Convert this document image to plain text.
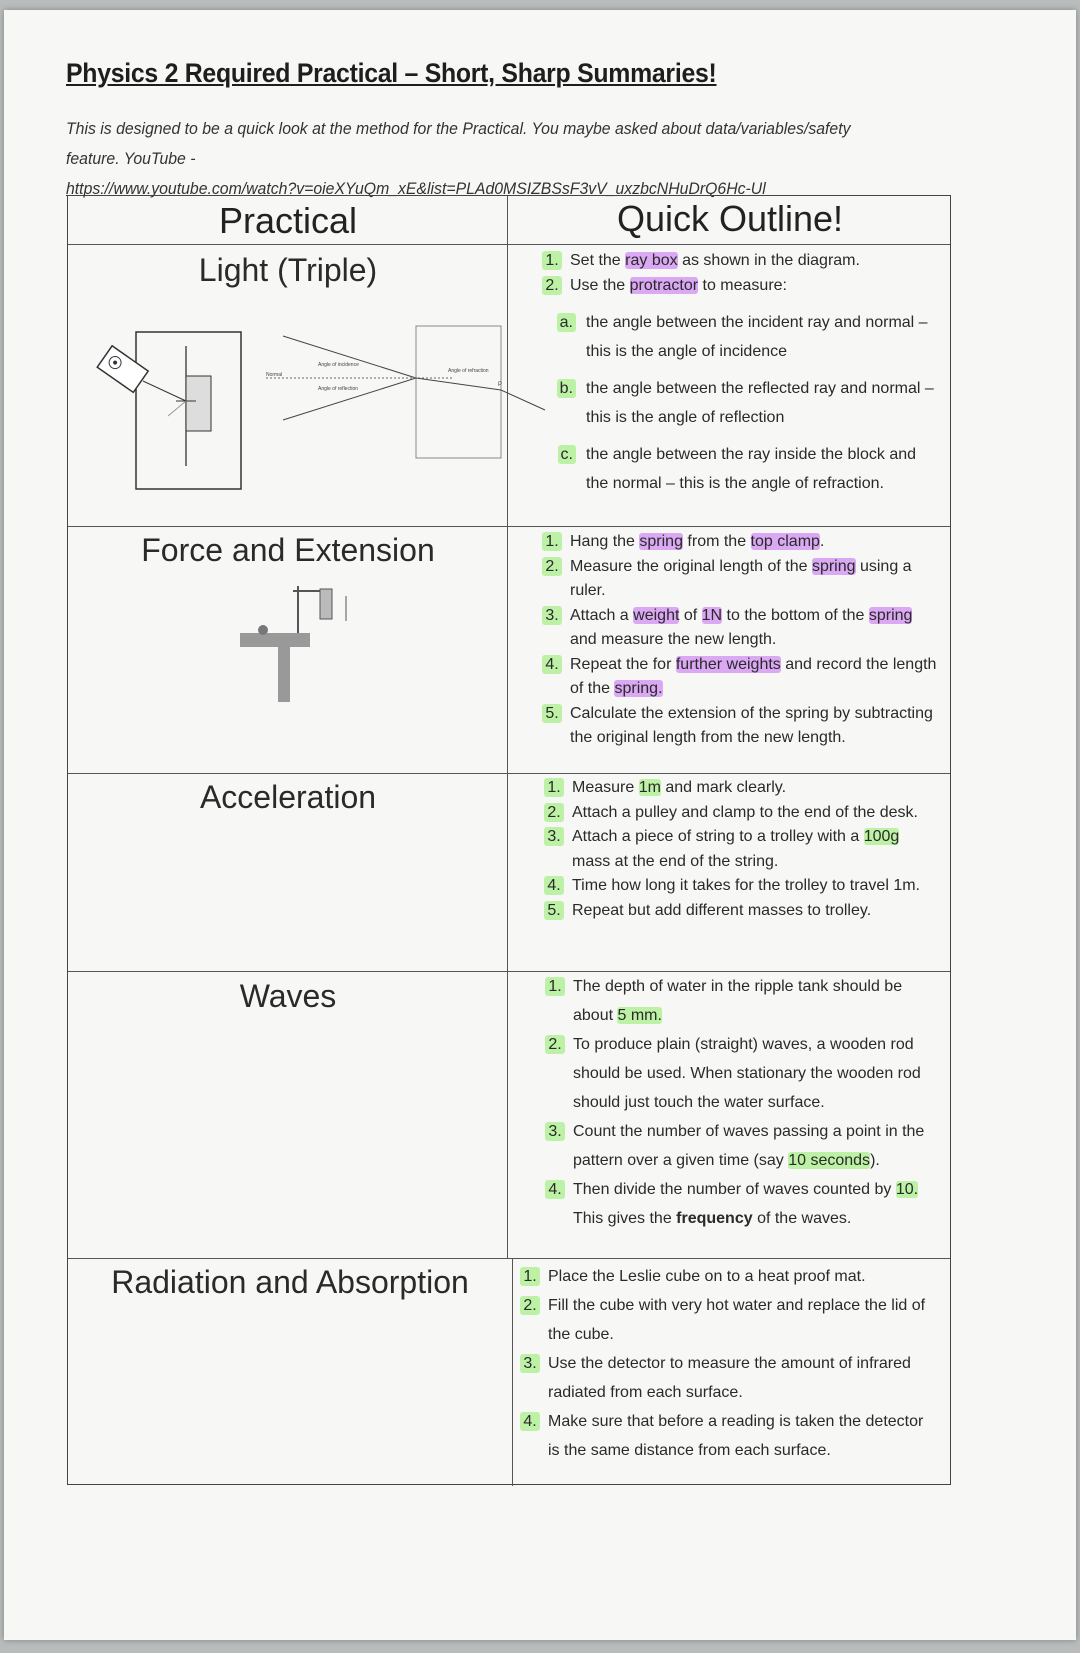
Physics 2 Required Practical – Short, Sharp Summaries!
This is designed to be a quick look at the method for the Practical. You maybe asked about data/variables/safety feature. YouTube -
https://www.youtube.com/watch?v=oieXYuQm_xE&list=PLAd0MSIZBSsF3vV_uxzbcNHuDrQ6Hc-Ul
Practical	Quick Outline!
Light (Triple)
Force and Extension
Acceleration
Waves
Radiation and Absorption
Normal
Angle of incidence
Angle of reflection
Angle of refraction
P
1. Set the ray box as shown in the diagram.
2. Use the protractor to measure:
a. the angle between the incident ray and normal – this is the angle of incidence
b. the angle between the reflected ray and normal – this is the angle of reflection
c. the angle between the ray inside the block and the normal – this is the angle of refraction.
1. Hang the spring from the top clamp.
2. Measure the original length of the spring using a ruler.
3. Attach a weight of 1N to the bottom of the spring and measure the new length.
4. Repeat the for further weights and record the length of the spring.
5. Calculate the extension of the spring by subtracting the original length from the new length.
1. Measure 1m and mark clearly.
2. Attach a pulley and clamp to the end of the desk.
3. Attach a piece of string to a trolley with a 100g mass at the end of the string.
4. Time how long it takes for the trolley to travel 1m.
5. Repeat but add different masses to trolley.
1. The depth of water in the ripple tank should be about 5 mm.
2. To produce plain (straight) waves, a wooden rod should be used. When stationary the wooden rod should just touch the water surface.
3. Count the number of waves passing a point in the pattern over a given time (say 10 seconds).
4. Then divide the number of waves counted by 10. This gives the frequency of the waves.
1. Place the Leslie cube on to a heat proof mat.
2. Fill the cube with very hot water and replace the lid of the cube.
3. Use the detector to measure the amount of infrared radiated from each surface.
4. Make sure that before a reading is taken the detector is the same distance from each surface.
